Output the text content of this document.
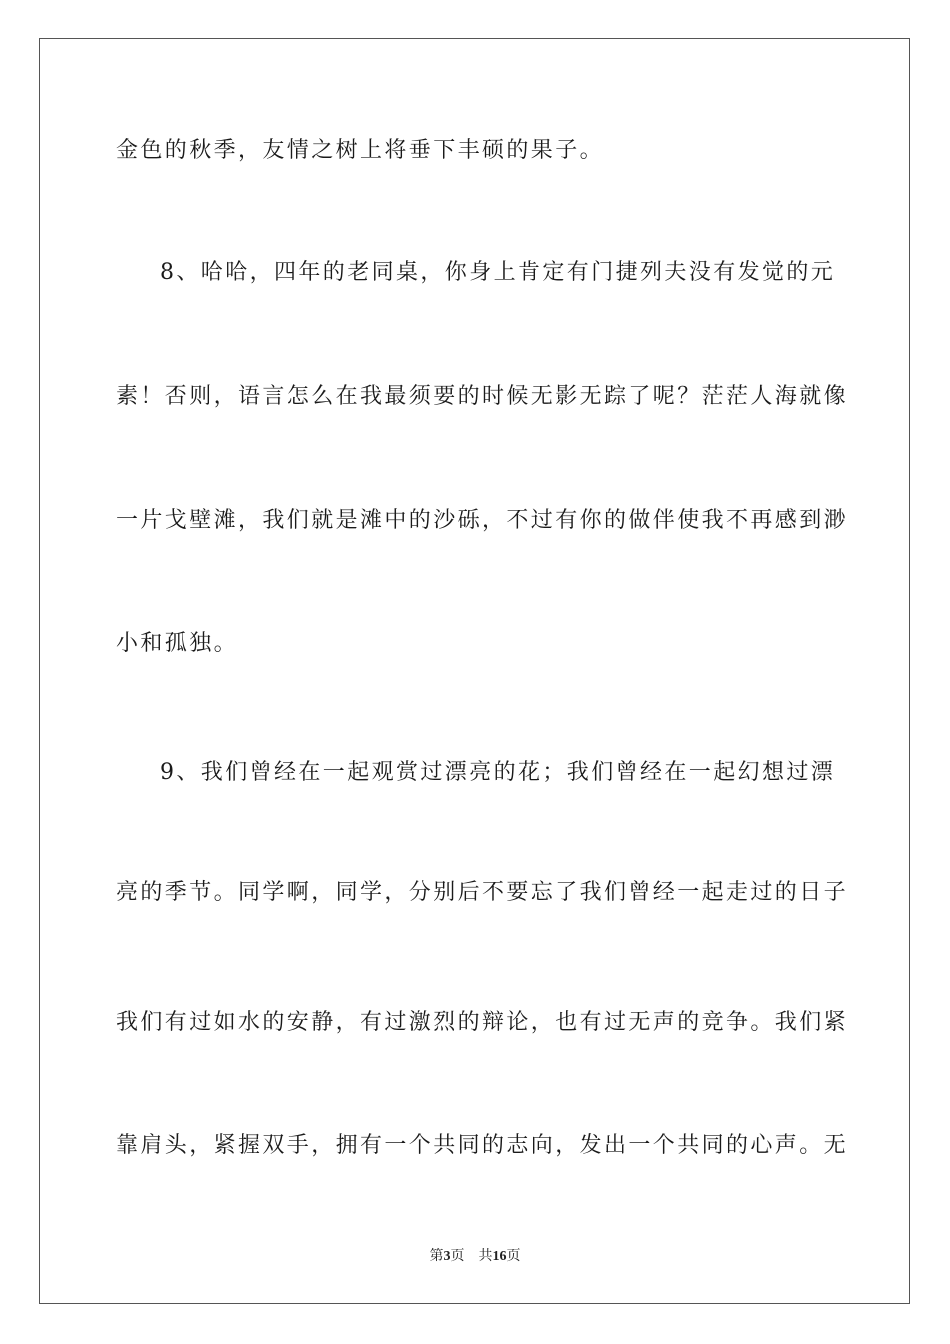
金色的秋季，友情之树上将垂下丰硕的果子。

8、哈哈，四年的老同桌，你身上肯定有门捷列夫没有发觉的元

素！否则，语言怎么在我最须要的时候无影无踪了呢？茫茫人海就像

一片戈壁滩，我们就是滩中的沙砾，不过有你的做伴使我不再感到渺

小和孤独。

9、我们曾经在一起观赏过漂亮的花；我们曾经在一起幻想过漂

亮的季节。同学啊，同学，分别后不要忘了我们曾经一起走过的日子

我们有过如水的安静，有过激烈的辩论，也有过无声的竞争。我们紧

靠肩头，紧握双手，拥有一个共同的志向，发出一个共同的心声。无

第3页 共16页
